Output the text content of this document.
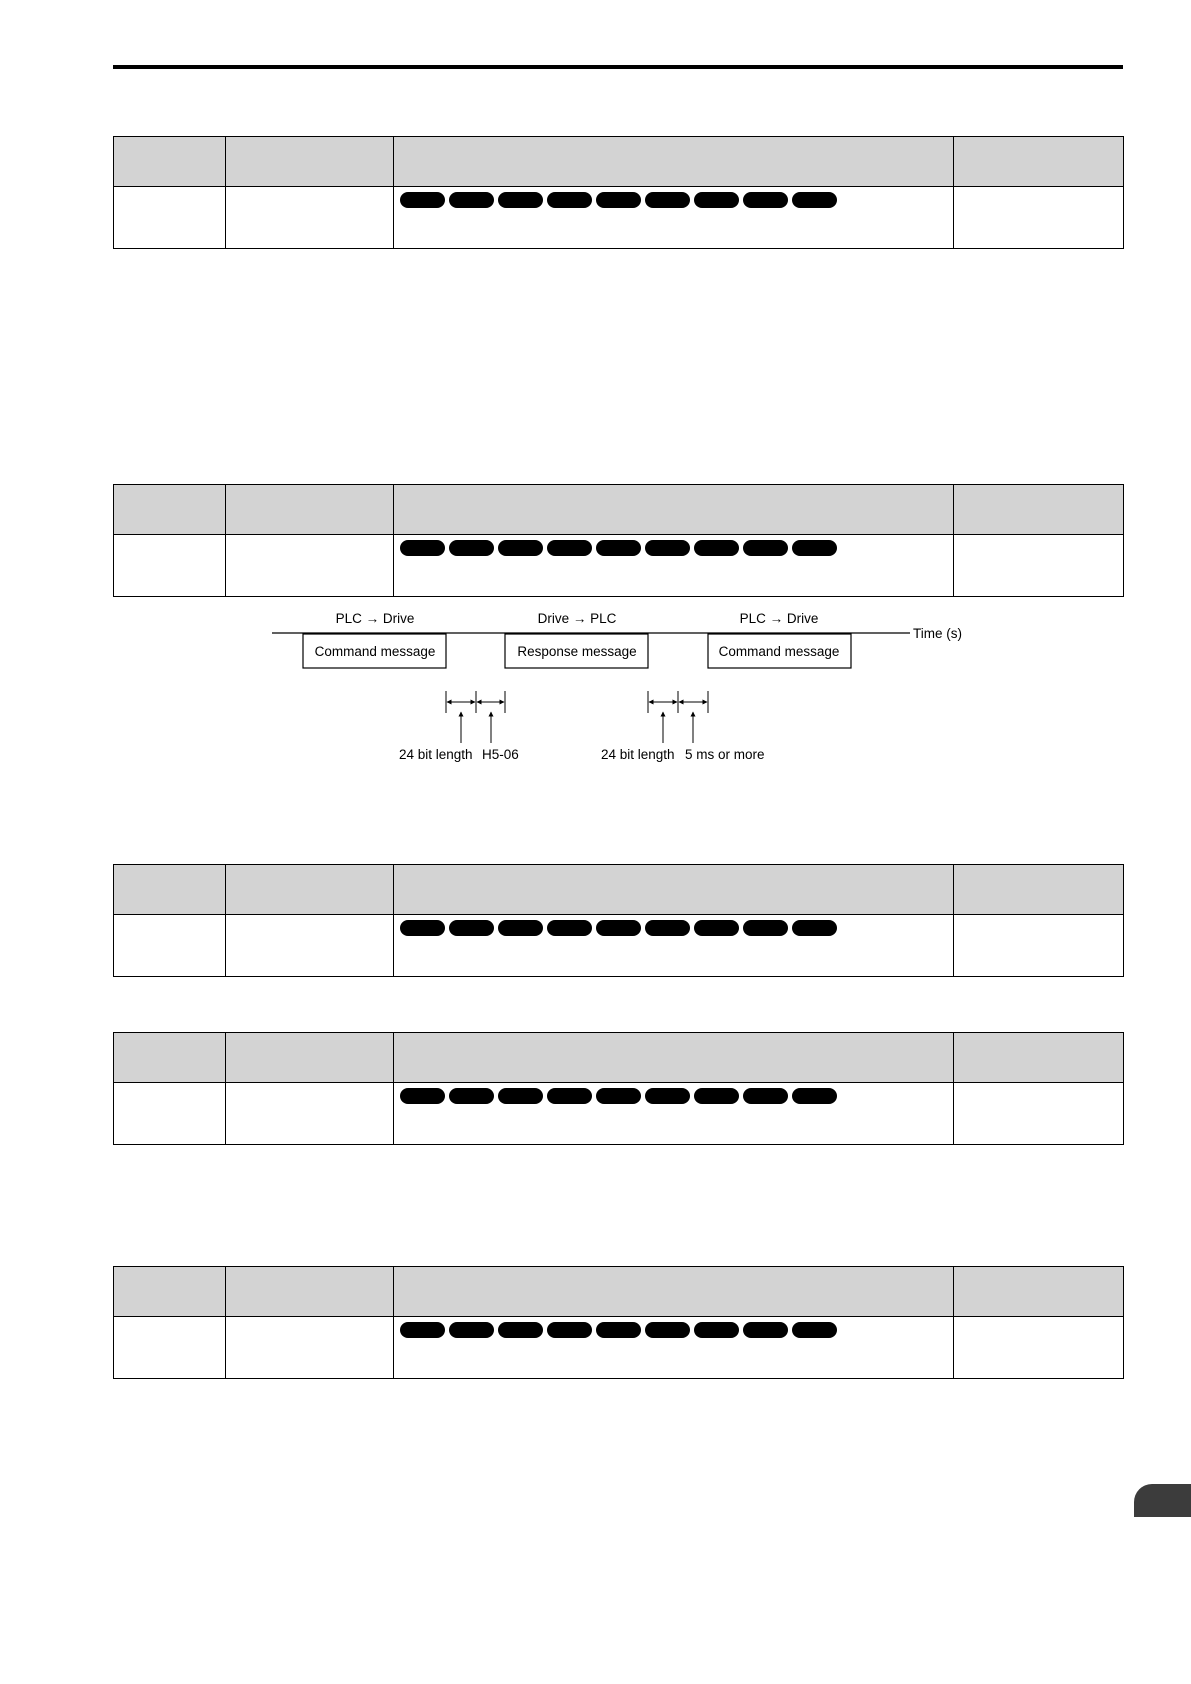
PLC → Drive	Drive → PLC	PLC → Drive
Time (s)
Command message	Response message	Command message
24 bit length H5-06	24 bit length 5 ms or more
